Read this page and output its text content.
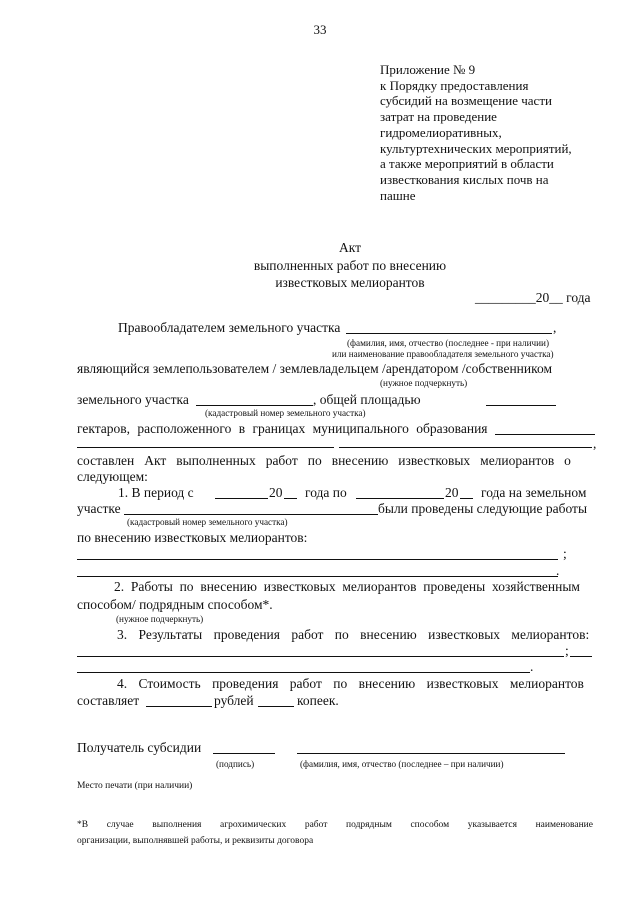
33
Приложение № 9
к Порядку предоставления
субсидий на возмещение части
затрат на проведение
гидромелиоративных,
культуртехнических мероприятий,
а также мероприятий в области
известкования кислых почв на
пашне
Акт
выполненных работ по внесению
известковых мелиорантов
_________20__ года
Правообладателем земельного участка	,
(фамилия, имя, отчество (последнее - при наличии)
или наименование правообладателя земельного участка)
являющийся землепользователем / землевладельцем /арендатором /собственником
(нужное подчеркнуть)
земельного участка	, общей площадью
(кадастровый номер земельного участка)
гектаров, расположенного в границах муниципального образования
,
составлен Акт выполненных работ по внесению известковых мелиорантов о
следующем:
1. В период с	20 года по	20 года на земельном
участке	были проведены следующие работы
(кадастровый номер земельного участка)
по внесению известковых мелиорантов:
;
.
2. Работы по внесению известковых мелиорантов проведены хозяйственным
способом/ подрядным способом*.
(нужное подчеркнуть)
3. Результаты проведения работ по внесению известковых мелиорантов:
;
.
4. Стоимость проведения работ по внесению известковых мелиорантов
составляет	рублей	копеек.
Получатель субсидии
(подпись)	(фамилия, имя, отчество (последнее – при наличии)
Место печати (при наличии)
*В случае выполнения агрохимических работ подрядным способом указывается наименование
организации, выполнявшей работы, и реквизиты договора
